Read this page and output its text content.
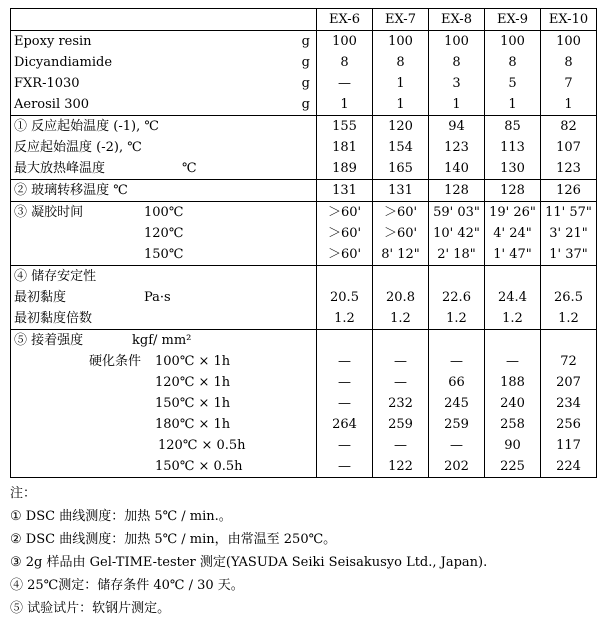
	EX-6	EX-7	EX-8	EX-9	EX-10

Epoxy resin g	100	100	100	100	100

Dicyandiamide g	8	8	8	8	8

FXR-1030 g	—	1	3	5	7

Aerosil 300 g	1	1	1	1	1
① 反应起始温度 (-1), ℃	155	120	94	85	82
反应起始温度 (-2), ℃	181	154	123	113	107
最大放热峰温度 ℃	189	165	140	130	123
② 玻璃转移温度 ℃	131	131	128	128	126
③ 凝胶时间 100℃	＞60'	＞60'	59' 03"	19' 26"	11' 57"
120℃	＞60'	＞60'	10' 42"	4' 24"	3' 21"
150℃	＞60'	8' 12"	2' 18"	1' 47"	1' 37"
④ 储存安定性					
最初黏度 Pa·s	20.5	20.8	22.6	24.4	26.5
最初黏度倍数	1.2	1.2	1.2	1.2	1.2
⑤ 接着强度 kgf/ mm²					
硬化条件 100℃ × 1h	—	—	—	—	72
120℃ × 1h	—	—	66	188	207
150℃ × 1h	—	232	245	240	234
180℃ × 1h	264	259	259	258	256
120℃ × 0.5h	—	—	—	90	117
150℃ × 0.5h	—	122	202	225	224
注：
① DSC 曲线测度：加热 5℃ / min.。
② DSC 曲线测度：加热 5℃ / min，由常温至 250℃。
③ 2g 样品由 Gel-TIME-tester 测定(YASUDA Seiki Seisakusyo Ltd., Japan).
④ 25℃测定：储存条件 40℃ / 30 天。
⑤ 试验试片：软钢片测定。
